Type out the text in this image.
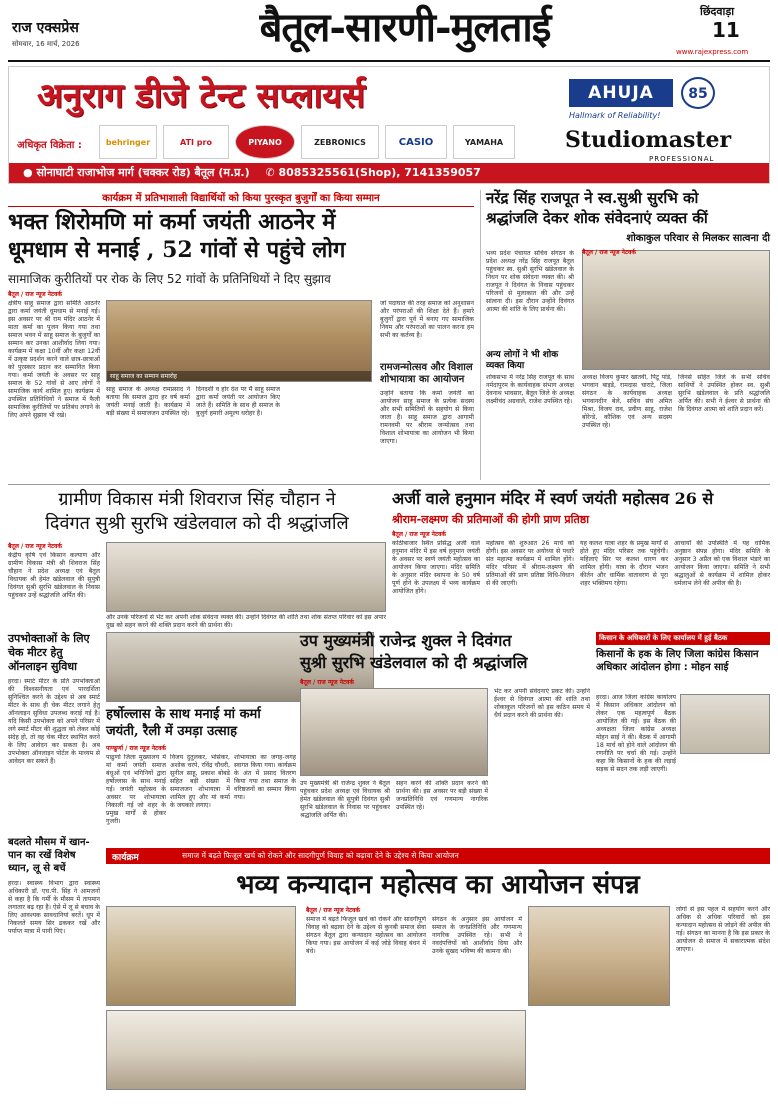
राज एक्सप्रेस
सोमवार, 16 मार्च, 2026	बैतूल-सारणी-मुलताई	छिंदवाड़ा
11
www.rajexpress.com
अनुराग डीजे टेन्ट सप्लायर्स
अधिकृत विक्रेता :	behringer	ATI pro	PIYANO	ZEBRONICS	CASIO	YAMAHA
AHUJA	85
Hallmark of Reliability!
Studiomaster
PROFESSIONAL
● सोनाघाटी राजाभोज मार्ग (चक्कर रोड) बैतूल (म.प्र.) ✆ 8085325561(Shop), 7141359057
कार्यक्रम में प्रतिभाशाली विद्यार्थियों को किया पुरस्कृत बुजुर्गों का किया सम्मान
भक्त शिरोमणि मां कर्मा जयंती आठनेर में
धूमधाम से मनाई , 52 गांवों से पहुंचे लोग
सामाजिक कुरीतियों पर रोक के लिए 52 गांवों के प्रतिनिधियों ने दिए सुझाव
बैतूल / राज न्यूज नेटवर्क
क्षेत्रीय साहू समाज द्वारा समिति आठनेर द्वारा कर्मा जयंती धूमधाम से मनाई गई। इस अवसर पर श्री राम मंदिर आठनेर में माता कर्मा का पूजन किया गया तथा समाज भवन में साहू समाज के बुजुर्गों का सम्मान कर उनका आशीर्वाद लिया गया। कार्यक्रम में कक्षा 10वीं और कक्षा 12वीं में उत्कृष्ट प्रदर्शन करने वाले छात्र-छात्राओं को पुरस्कार प्रदान कर सम्मानित किया गया। कर्मा जयंती के अवसर पर साहू समाज के 52 गांवों से आए लोगों ने सामाजिक कार्य शामिल हुए। कार्यक्रम में उपस्थित प्रतिनिधियों ने समाज में फैली सामाजिक कुरीतियों पर प्रतिबंध लगाने के लिए अपने सुझाव भी रखे।
साहू समाज का सम्मान समारोह
साहू समाज के अध्यक्ष रामप्रसाद ने बताया कि समाज द्वारा हर वर्ष कर्मा जयंती मनाई जाती है। कार्यक्रम में बड़ी संख्या में समाजजन उपस्थित रहे।
दिनदर्शी व होर देश पर मैं साहू समाज द्वारा कर्मा जयंती पर आयोजन किए जाते हैं। समिति के साथ ही समाज के बुजुर्ग हमारी अमूल्य धरोहर है।
जो पदाघात की तरह समाज को अनुशासन और परंपराओं की शिक्षा देते हैं। हमारे बुजुर्गों द्वारा पूर्व में बनाए गए सामाजिक नियम और परंपराओं का पालन करना हम सभी का कर्तव्य है।
रामजन्मोत्सव और विशाल शोभायात्रा का आयोजन
उन्होंने बताया कि कर्मा जयंती का आयोजन साहू समाज के प्रत्येक सदस्य और सभी समितियों के सहयोग से किया जाता है। साहू समाज द्वारा आगामी रामनवमी पर श्रीराम जन्मोत्सव तथा विशाल शोभायात्रा का आयोजन भी किया जाएगा।
नरेंद्र सिंह राजपूत ने स्व.सुश्री सुरभि को
श्रद्धांजलि देकर शोक संवेदनाएं व्यक्त कीं
शोकाकुल परिवार से मिलकर सात्वना दी
भव्य प्रदेश पंचायत सचिव संगठन के प्रदेश अध्यक्ष नरेंद्र सिंह राजपूत बैतूल पहुंचकर स्व. सुश्री सुरभि खंडेलवाल के निधन पर शोक संवेदना व्यक्त की। श्री राजपूत ने दिवंगत के निवास पहुंचकर परिजनों से मुलाकात की और उन्हें सांत्वना दी। इस दौरान उन्होंने दिवंगत आत्मा की शांति के लिए प्रार्थना की।
बैतूल / राज न्यूज नेटवर्क
अन्य लोगों ने भी शोक व्यक्त किया
शोकसभा में नरेंद्र सिंह राजपूत के साथ नर्मदापुरम के कार्यवाहक संभाग अध्यक्ष देवनाथ भावसार, बैतूल जिले के अध्यक्ष लक्ष्मीचंद अग्रवाले, राजेश उपस्थित रहे।
अध्यक्ष विजय कुमार खातवी, पिंटू पांडे, भगवान बाइडे, रामदास चाराटे, जिला संगठन के कार्यवाहक अध्यक्ष भगवानदीन बेले, सचिव संघ अमित मिश्रा, विजय राव, प्रवीण साहू, राजेश बोरेन्डे, कौशिक एवं अन्य सदस्य उपस्थित रहे।
जिनसे सहित जिले के सभी सचिव साथियों ने उपस्थित होकर स्व. सुश्री सुरभि खंडेलवाल के प्रति श्रद्धांजलि अर्पित की। सभी ने ईश्वर से प्रार्थना की कि दिवंगत आत्मा को शांति प्रदान करें।
ग्रामीण विकास मंत्री शिवराज सिंह चौहान ने
दिवंगत सुश्री सुरभि खंडेलवाल को दी श्रद्धांजलि
बैतूल / राज न्यूज नेटवर्क
केंद्रीय कृषि एवं किसान कल्याण और ग्रामीण विकास मंत्री श्री शिवराज सिंह चौहान ने प्रदेश अध्यक्ष एवं बैतूल विधायक श्री हेमंत खंडेलवाल की सुपुत्री दिवंगत सुश्री सुरभि खंडेलवाल के निवास पहुंचकर उन्हें श्रद्धांजलि अर्पित की।
और उनके परिजनों से भेंट कर अपनी शोक संवेदना व्यक्त की। उन्होंने दिवंगत की शांति तथा शोक संतप्त परिवार को इस अपार दुख को सहन करने की शक्ति प्रदान करने की प्रार्थना की।
अर्जी वाले हनुमान मंदिर में स्वर्ण जयंती महोत्सव 26 से
श्रीराम-लक्ष्मण की प्रतिमाओं की होगी प्राण प्रतिष्ठा
बैतूल / राज न्यूज नेटवर्क
कोठीबाजार स्थित प्रसिद्ध अर्जी वाले हनुमान मंदिर में इस वर्ष हनुमान जयंती के अवसर पर स्वर्ण जयंती महोत्सव का आयोजन किया जाएगा। मंदिर समिति के अनुसार मंदिर स्थापना के 50 वर्ष पूर्ण होने के उपलक्ष्य में भव्य कार्यक्रम आयोजित होंगे।
महोत्सव की शुरुआत 26 मार्च को होगी। इस अवसर पर अयोध्या से पधारे संत महात्मा कार्यक्रम में शामिल होंगे। मंदिर परिसर में श्रीराम-लक्ष्मण की प्रतिमाओं की प्राण प्रतिष्ठा विधि-विधान से की जाएगी।
यह कलश यात्रा शहर के प्रमुख मार्गों से होते हुए मंदिर परिसर तक पहुंचेगी। महिलाएं सिर पर कलश धारण कर शामिल होंगी। यात्रा के दौरान भजन कीर्तन और धार्मिक वातावरण से पूरा शहर भक्तिमय रहेगा।
आचार्यों की उपस्थिति में यह धार्मिक अनुष्ठान संपन्न होगा। मंदिर समिति के अनुसार 3 अप्रैल को एक विशाल भंडारे का आयोजन किया जाएगा। समिति ने सभी श्रद्धालुओं से कार्यक्रम में शामिल होकर धर्मलाभ लेने की अपील की है।
उपभोक्ताओं के लिए चेक मीटर हेतु ऑनलाइन सुविधा
हरदा। स्मार्ट मीटर के प्रति उपभोक्ताओं की विश्वसनीयता एवं पारदर्शिता सुनिश्चित करने के उद्देश्य से अब स्मार्ट मीटर के साथ ही चेक मीटर लगाने हेतु ऑनलाइन सुविधा उपलब्ध कराई गई है। यदि किसी उपभोक्ता को अपने परिसर में लगे स्मार्ट मीटर की शुद्धता को लेकर कोई संदेह हो, तो वह चेक मीटर स्थापित करने के लिए आवेदन कर सकता है। अब उपभोक्ता ऑनलाइन पोर्टल के माध्यम से आवेदन कर सकते हैं।
उप मुख्यमंत्री राजेन्द्र शुक्ल ने दिवंगत
सुश्री सुरभि खंडेलवाल को दी श्रद्धांजलि
बैतूल / राज न्यूज नेटवर्क
उप मुख्यमंत्री श्री राजेन्द्र शुक्ल ने बैतूल पहुंचकर प्रदेश अध्यक्ष एवं विधायक श्री हेमंत खंडेलवाल की सुपुत्री दिवंगत सुश्री सुरभि खंडेलवाल के निवास पर पहुंचकर श्रद्धांजलि अर्पित की।
सहन करने की शक्ति प्रदान करने की प्रार्थना की। इस अवसर पर बड़ी संख्या में जनप्रतिनिधि एवं गणमान्य नागरिक उपस्थित रहे।
भेंट कर अपनी संवेदनाएं प्रकट की। उन्होंने ईश्वर से दिवंगत आत्मा की शांति तथा शोकाकुल परिजनों को इस कठिन समय में धैर्य प्रदान करने की प्रार्थना की।
किसान के अधिकारों के लिए कार्यालय में हुई बैठक
किसानों के हक के लिए जिला कांग्रेस किसान अधिकार आंदोलन होगा : मोहन साई
हरदा। आज जिला कांग्रेस कार्यालय में किसान अधिकार आंदोलन को लेकर एक महत्वपूर्ण बैठक आयोजित की गई। इस बैठक की अध्यक्षता जिला कांग्रेस अध्यक्ष मोहन साई ने की। बैठक में आगामी 18 मार्च को होने वाले आंदोलन की रणनीति पर चर्चा की गई। उन्होंने कहा कि किसानों के हक की लड़ाई सड़क से सदन तक लड़ी जाएगी।
हर्षोल्लास के साथ मनाई मां कर्मा जयंती, रैली में उमड़ा उत्साह
पाण्ढुर्णा / राज न्यूज नेटवर्क
पाढुर्णा जिला मुख्यालय में मां कर्मा जयंती समाज बंधुओं एवं भगिनियों द्वारा हर्षोल्लास के साथ मनाई गई। जयंती महोत्सव के अवसर पर शोभायात्रा निकाली गई जो शहर के प्रमुख मार्गों से होकर गुजरी।
विजय दुतुलकर, भोसेकर, अशोक चरपे, रविंद्र चौधरी, सुनील साहू, प्रकाश बोबडे सहित बड़ी संख्या में समाजजन शोभायात्रा में शामिल हुए और मां कर्मा के जयकारे लगाए।
शोभायात्रा का जगह-जगह स्वागत किया गया। कार्यक्रम के अंत में प्रसाद वितरण किया गया तथा समाज के वरिष्ठजनों का सम्मान किया गया।
बदलते मौसम में खान-पान का रखें विशेष ध्यान, लू से बचें
हरदा। स्वास्थ्य विभाग द्वारा स्वास्थ्य अधिकारी डॉ. एच.पी. सिंह ने आमजनों से कहा है कि गर्मी के मौसम में तापमान लगातार बढ़ रहा है। ऐसे में लू से बचाव के लिए आवश्यक सावधानियां बरतें। धूप में निकलते समय सिर ढककर रखें और पर्याप्त मात्रा में पानी पिएं।
कार्यक्रम	समाज में बढ़ते फिजूल खर्च को रोकने और सादगीपूर्ण विवाह को बढ़ावा देने के उद्देश्य से किया आयोजन
भव्य कन्यादान महोत्सव का आयोजन संपन्न
बैतूल / राज न्यूज नेटवर्क
समाज में बढ़ते फिजूल खर्च को रोकने और सादगीपूर्ण विवाह को बढ़ावा देने के उद्देश्य से कुनबी समाज सेवा संगठन बैतूल द्वारा कन्यादान महोत्सव का आयोजन किया गया। इस आयोजन में कई जोड़े विवाह बंधन में बंधे।
संगठन के अनुसार इस आयोजन में समाज के जनप्रतिनिधि और गणमान्य नागरिक उपस्थित रहे। सभी ने नवदंपत्तियों को आशीर्वाद दिया और उनके सुखद भविष्य की कामना की।
लोगों से इस पहल में सहयोग करने और अधिक से अधिक परिवारों को इस कन्यादान महोत्सव से जोड़ने की अपील की गई। संगठन का मानना है कि इस प्रकार के आयोजन से समाज में सकारात्मक संदेश जाएगा।
